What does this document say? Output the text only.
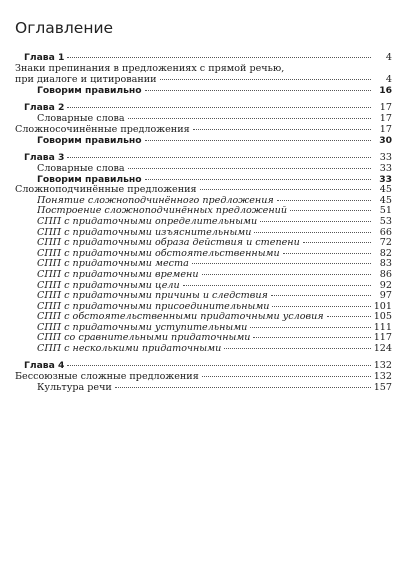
Оглавление
Глава 1	4
Знаки препинания в предложениях с прямой речью,
при диалоге и цитировании	4
Говорим правильно	16
Глава 2	17
Словарные слова	17
Сложносочинённые предложения	17
Говорим правильно	30
Глава 3	33
Словарные слова	33
Говорим правильно	33
Сложноподчинённые предложения	45
Понятие сложноподчинённого предложения	45
Построение сложноподчинённых предложений	51
СПП с придаточными определительными	53
СПП с придаточными изъяснительными	66
СПП с придаточными образа действия и степени	72
СПП с придаточными обстоятельственными	82
СПП с придаточными места	83
СПП с придаточными времени	86
СПП с придаточными цели	92
СПП с придаточными причины и следствия	97
СПП с придаточными присоединительными	101
СПП с обстоятельственными придаточными условия	105
СПП с придаточными уступительными	111
СПП со сравнительными придаточными	117
СПП с несколькими придаточными	124
Глава 4	132
Бессоюзные сложные предложения	132
Культура речи	157
